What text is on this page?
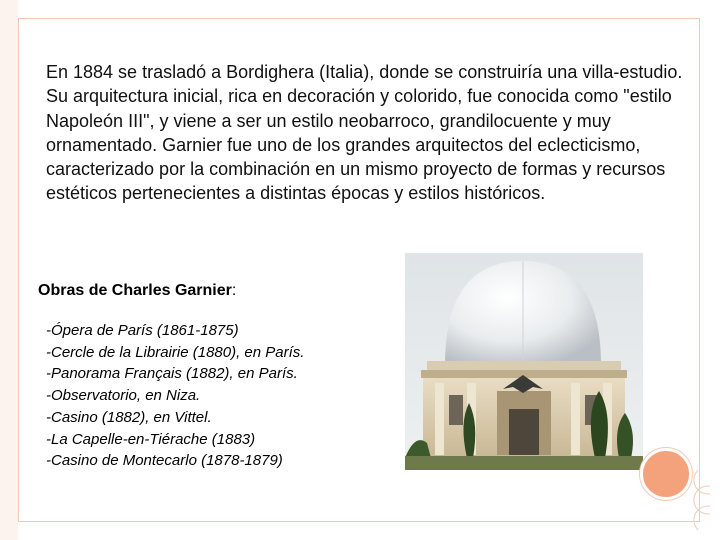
En 1884 se trasladó a Bordighera (Italia), donde se construiría una villa-estudio.

Su arquitectura inicial, rica en decoración y colorido, fue conocida como "estilo Napoleón III", y viene a ser un estilo neobarroco, grandilocuente y muy ornamentado. Garnier fue uno de los grandes arquitectos del eclecticismo, caracterizado por la combinación en un mismo proyecto de formas y recursos estéticos pertenecientes a distintas épocas y estilos históricos.

Obras de Charles Garnier:

-Ópera de París (1861-1875)
-Cercle de la Librairie (1880), en París.
-Panorama Français (1882), en París.
-Observatorio, en Niza.
-Casino (1882), en Vittel.
-La Capelle-en-Tiérache (1883)
-Casino de Montecarlo (1878-1879)
